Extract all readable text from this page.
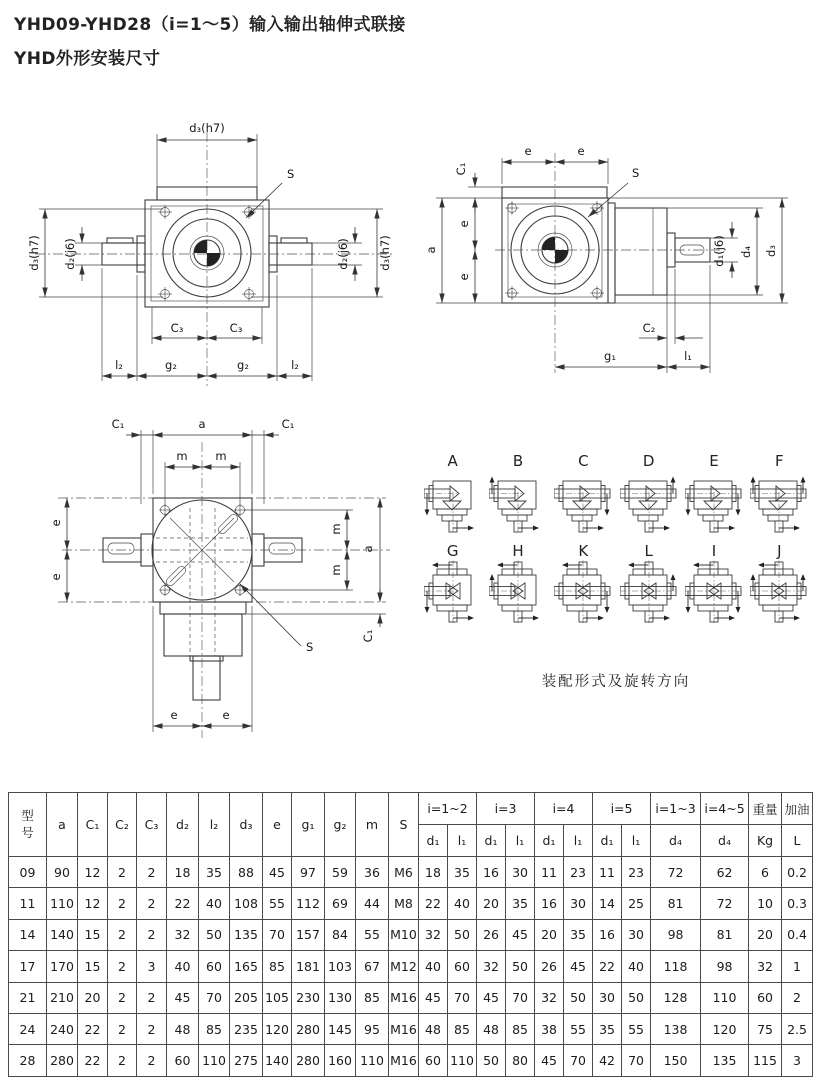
YHD09-YHD28（i=1～5）输入输出轴伸式联接
YHD外形安装尺寸
d₃(h7)
d₃(h7) d₂(j6)	d₂(j6) d₃(h7)
S
C₃	C₃
l₂	g₂	g₂	l₂
C₁
e	e
a
e
e
S
d₁(j6) d₄ d₃
C₂
g₁	l₁
C₁	a	C₁
m m
e
e
m
m
a
C₁
e	e
S
A	B	C	D	E	F
G	H	K	L	I	J
装配形式及旋转方向
型号	a	C₁	C₂	C₃	d₂	l₂	d₃	e	g₁	g₂	m	S	i=1~2		i=3		i=4		i=5		i=1~3	i=4~5	重量	加油
													d₁	l₁	d₁	l₁	d₁	l₁	d₁	l₁	d₄	d₄	Kg	L
09	90	12	2	2	18	35	88	45	97	59	36	M6	18	35	16	30	11	23	11	23	72	62	6	0.2
11	110	12	2	2	22	40	108	55	112	69	44	M8	22	40	20	35	16	30	14	25	81	72	10	0.3
14	140	15	2	2	32	50	135	70	157	84	55	M10	32	50	26	45	20	35	16	30	98	81	20	0.4
17	170	15	2	3	40	60	165	85	181	103	67	M12	40	60	32	50	26	45	22	40	118	98	32	1
21	210	20	2	2	45	70	205	105	230	130	85	M16	45	70	45	70	32	50	30	50	128	110	60	2
24	240	22	2	2	48	85	235	120	280	145	95	M16	48	85	48	85	38	55	35	55	138	120	75	2.5
28	280	22	2	2	60	110	275	140	280	160	110	M16	60	110	50	80	45	70	42	70	150	135	115	3
